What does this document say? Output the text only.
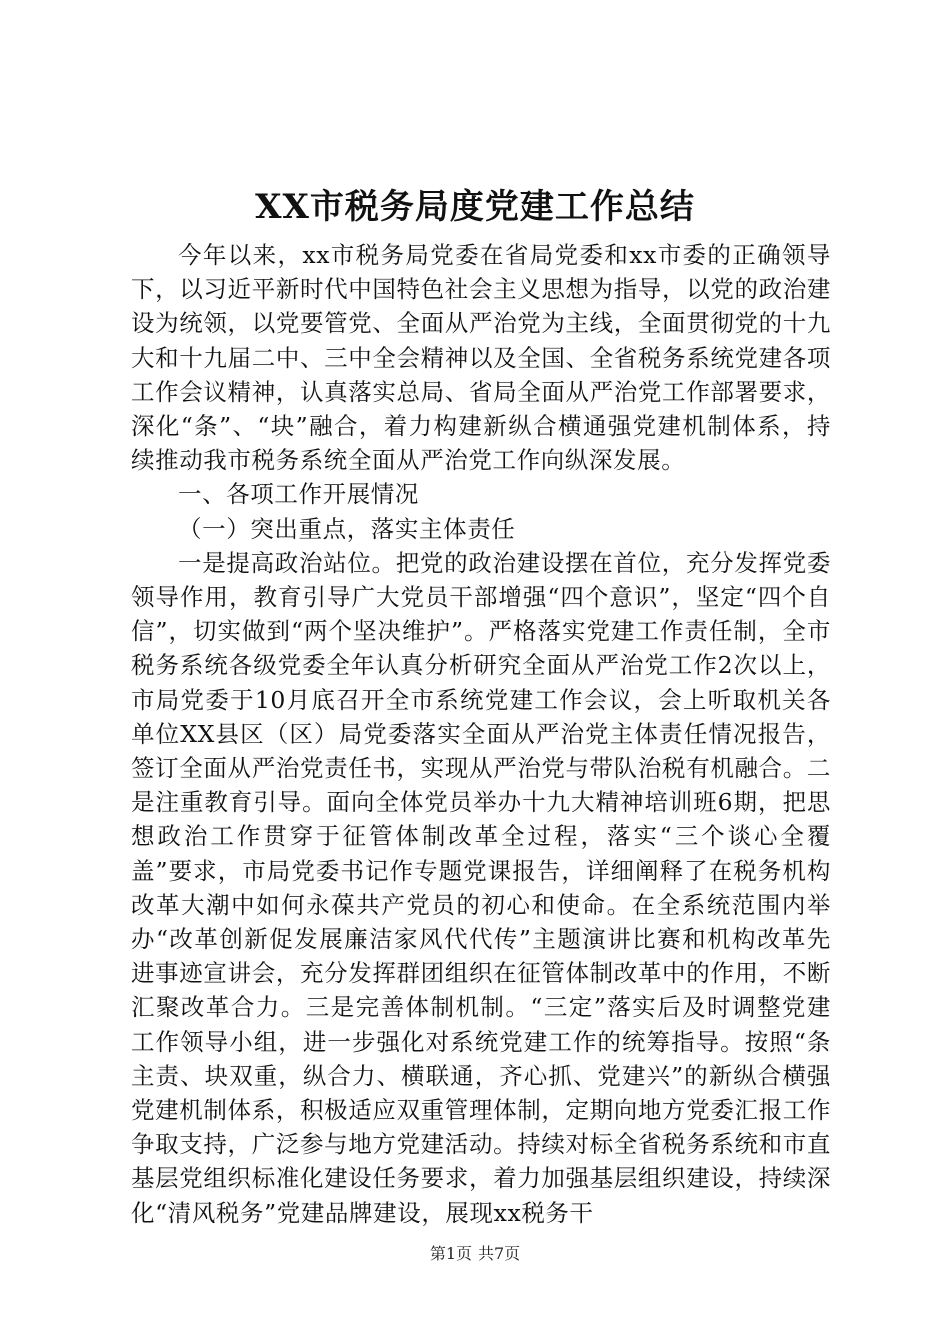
XX市税务局度党建工作总结

今年以来，xx市税务局党委在省局党委和xx市委的正确领导下，以习近平新时代中国特色社会主义思想为指导，以党的政治建设为统领，以党要管党、全面从严治党为主线，全面贯彻党的十九大和十九届二中、三中全会精神以及全国、全省税务系统党建各项工作会议精神，认真落实总局、省局全面从严治党工作部署要求，深化“条”、“块”融合，着力构建新纵合横通强党建机制体系，持续推动我市税务系统全面从严治党工作向纵深发展。

一、各项工作开展情况

（一）突出重点，落实主体责任

一是提高政治站位。把党的政治建设摆在首位，充分发挥党委领导作用，教育引导广大党员干部增强“四个意识”，坚定“四个自信”，切实做到“两个坚决维护”。严格落实党建工作责任制，全市税务系统各级党委全年认真分析研究全面从严治党工作2次以上，市局党委于10月底召开全市系统党建工作会议，会上听取机关各单位XX县区（区）局党委落实全面从严治党主体责任情况报告，签订全面从严治党责任书，实现从严治党与带队治税有机融合。二是注重教育引导。面向全体党员举办十九大精神培训班6期，把思想政治工作贯穿于征管体制改革全过程，落实“三个谈心全覆盖”要求，市局党委书记作专题党课报告，详细阐释了在税务机构改革大潮中如何永葆共产党员的初心和使命。在全系统范围内举办“改革创新促发展廉洁家风代代传”主题演讲比赛和机构改革先进事迹宣讲会，充分发挥群团组织在征管体制改革中的作用，不断汇聚改革合力。三是完善体制机制。“三定”落实后及时调整党建工作领导小组，进一步强化对系统党建工作的统筹指导。按照“条主责、块双重，纵合力、横联通，齐心抓、党建兴”的新纵合横强党建机制体系，积极适应双重管理体制，定期向地方党委汇报工作争取支持，广泛参与地方党建活动。持续对标全省税务系统和市直基层党组织标准化建设任务要求，着力加强基层组织建设，持续深化“清风税务”党建品牌建设，展现xx税务干

第1页 共7页
